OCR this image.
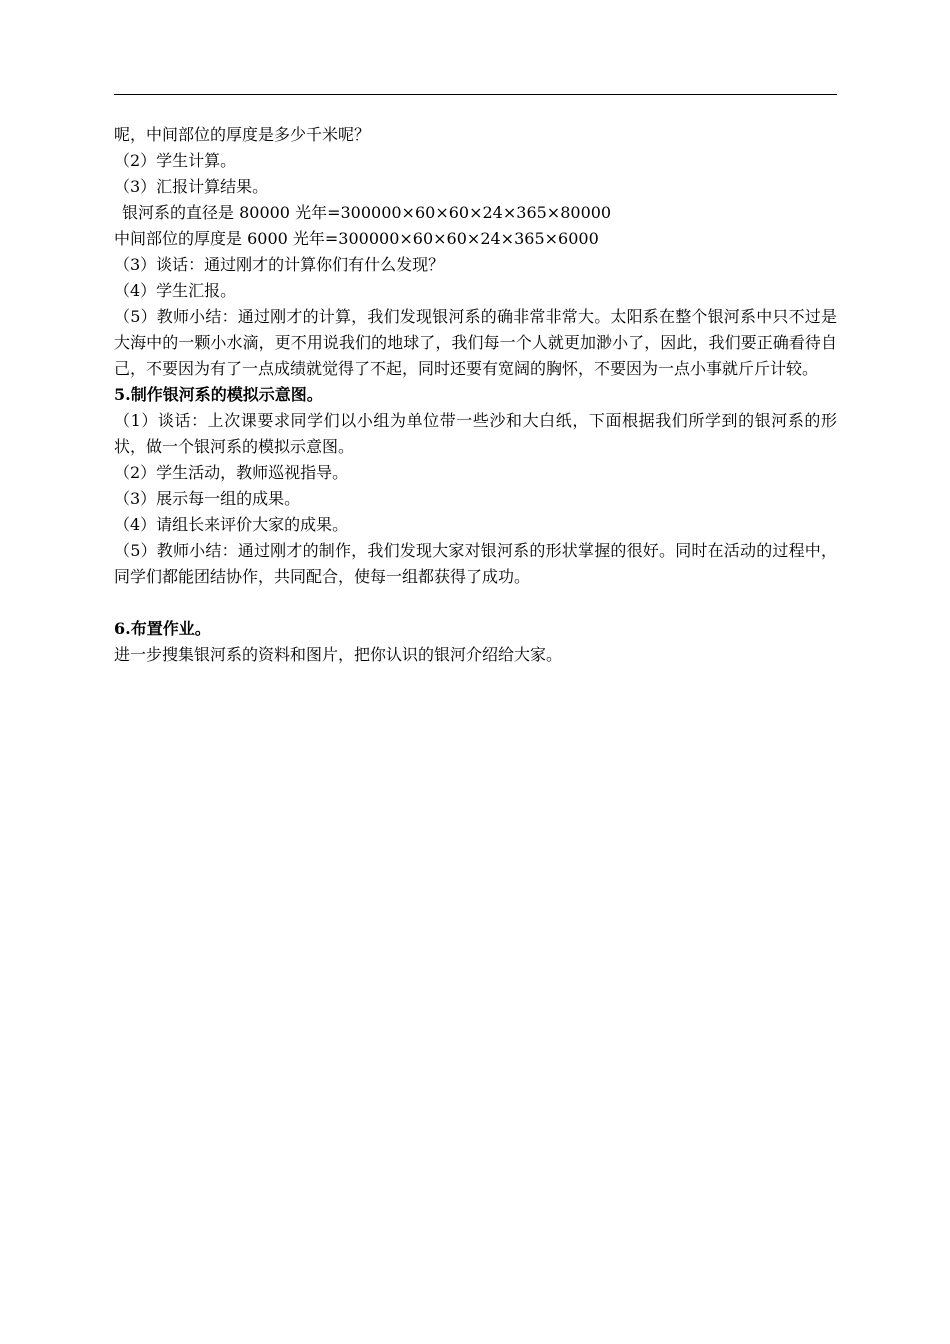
呢，中间部位的厚度是多少千米呢？
（2）学生计算。
（3）汇报计算结果。
银河系的直径是 80000 光年=300000×60×60×24×365×80000
中间部位的厚度是 6000 光年=300000×60×60×24×365×6000
（3）谈话：通过刚才的计算你们有什么发现？
（4）学生汇报。

（5）教师小结：通过刚才的计算，我们发现银河系的确非常非常大。太阳系在整个银河系中只不过是大海中的一颗小水滴，更不用说我们的地球了，我们每一个人就更加渺小了，因此，我们要正确看待自己，不要因为有了一点成绩就觉得了不起，同时还要有宽阔的胸怀，不要因为一点小事就斤斤计较。

5.制作银河系的模拟示意图。

（1）谈话：上次课要求同学们以小组为单位带一些沙和大白纸，下面根据我们所学到的银河系的形状，做一个银河系的模拟示意图。

（2）学生活动，教师巡视指导。
（3）展示每一组的成果。
（4）请组长来评价大家的成果。

（5）教师小结：通过刚才的制作，我们发现大家对银河系的形状掌握的很好。同时在活动的过程中，同学们都能团结协作，共同配合，使每一组都获得了成功。

6.布置作业。
进一步搜集银河系的资料和图片，把你认识的银河介绍给大家。
